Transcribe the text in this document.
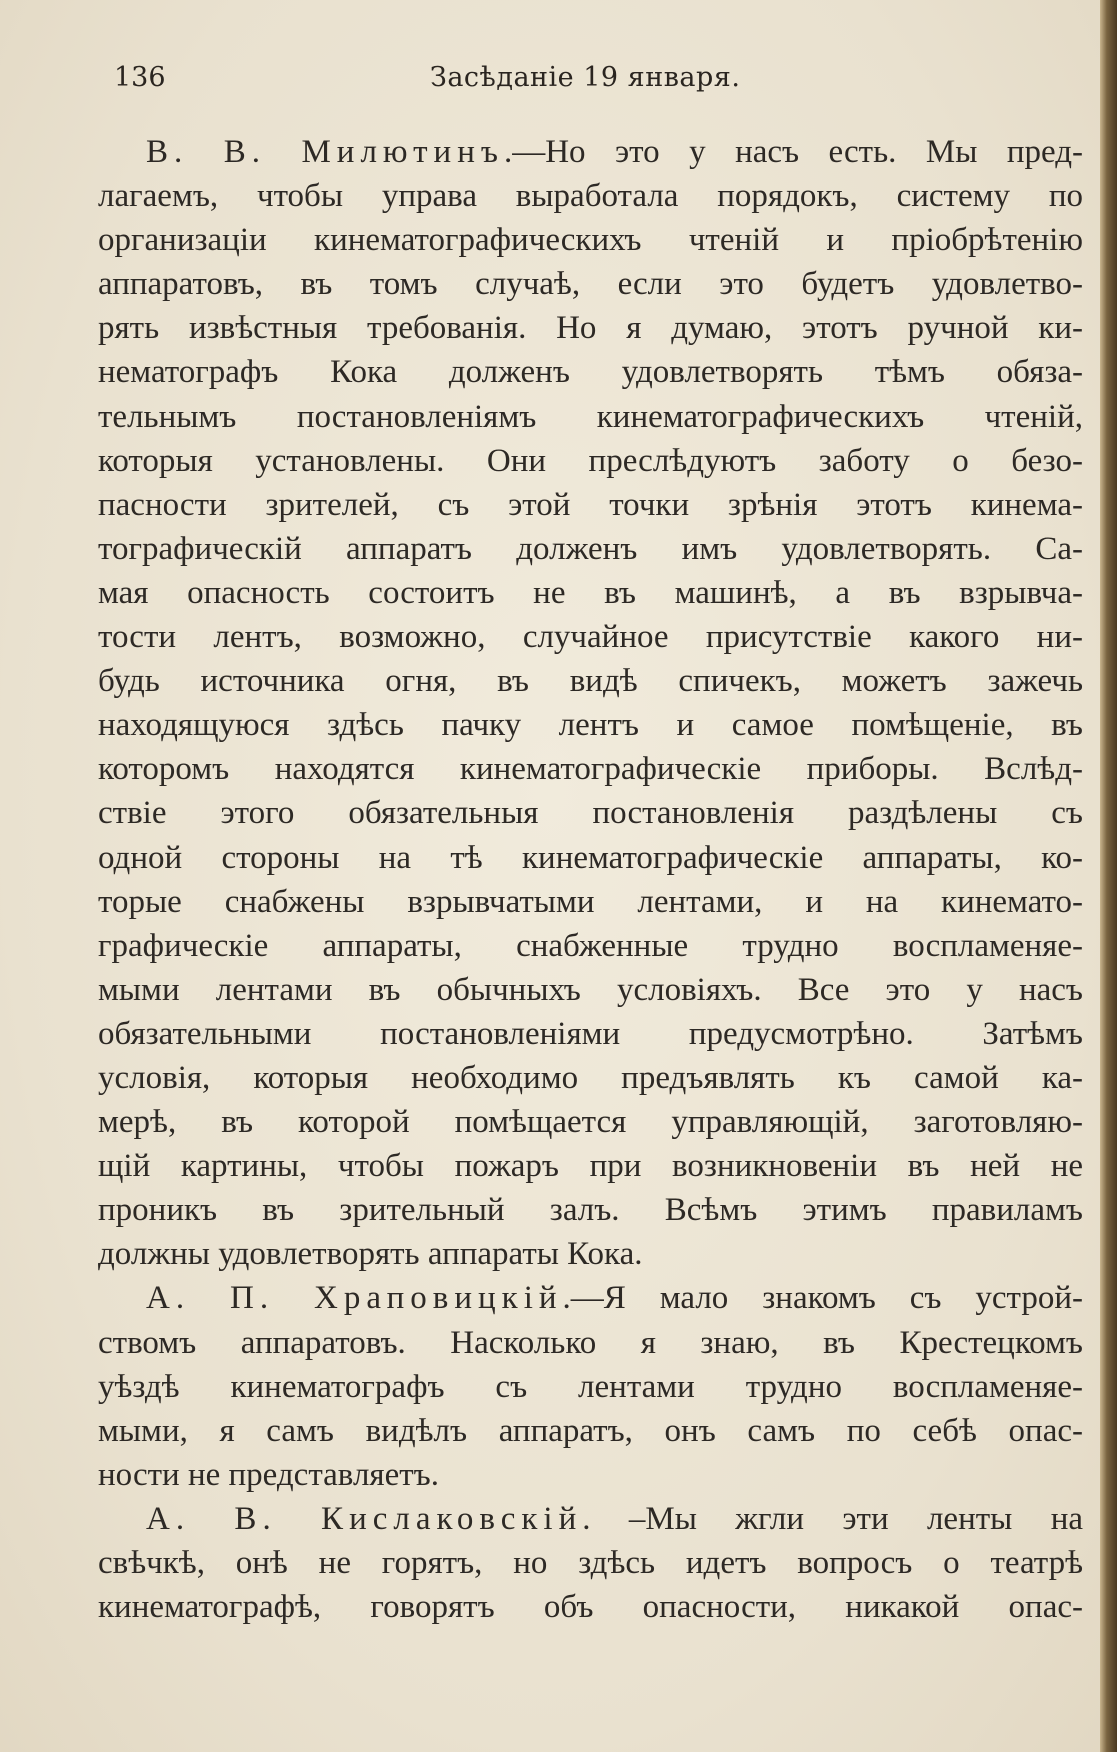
136	Засѣданіе 19 января.
В. В. Милютинъ.—Но это у насъ есть. Мы пред-
лагаемъ, чтобы управа выработала порядокъ, систему по
организаціи кинематографическихъ чтеній и пріобрѣтенію
аппаратовъ, въ томъ случаѣ, если это будетъ удовлетво-
рять извѣстныя требованія. Но я думаю, этотъ ручной ки-
нематографъ Кока долженъ удовлетворять тѣмъ обяза-
тельнымъ постановленіямъ кинематографическихъ чтеній,
которыя установлены. Они преслѣдуютъ заботу о безо-
пасности зрителей, съ этой точки зрѣнія этотъ кинема-
тографическій аппаратъ долженъ имъ удовлетворять. Са-
мая опасность состоитъ не въ машинѣ, а въ взрывча-
тости лентъ, возможно, случайное присутствіе какого ни-
будь источника огня, въ видѣ спичекъ, можетъ зажечь
находящуюся здѣсь пачку лентъ и самое помѣщеніе, въ
которомъ находятся кинематографическіе приборы. Вслѣд-
ствіе этого обязательныя постановленія раздѣлены съ
одной стороны на тѣ кинематографическіе аппараты, ко-
торые снабжены взрывчатыми лентами, и на кинемато-
графическіе аппараты, снабженные трудно воспламеняе-
мыми лентами въ обычныхъ условіяхъ. Все это у насъ
обязательными постановленіями предусмотрѣно. Затѣмъ
условія, которыя необходимо предъявлять къ самой ка-
мерѣ, въ которой помѣщается управляющій, заготовляю-
щій картины, чтобы пожаръ при возникновеніи въ ней не
проникъ въ зрительный залъ. Всѣмъ этимъ правиламъ
должны удовлетворять аппараты Кока.
А. П. Храповицкій.—Я мало знакомъ съ устрой-
ствомъ аппаратовъ. Насколько я знаю, въ Крестецкомъ
уѣздѣ кинематографъ съ лентами трудно воспламеняе-
мыми, я самъ видѣлъ аппаратъ, онъ самъ по себѣ опас-
ности не представляетъ.
А. В. Кислаковскій. –Мы жгли эти ленты на
свѣчкѣ, онѣ не горятъ, но здѣсь идетъ вопросъ о театрѣ
кинематографѣ, говорятъ объ опасности, никакой опас-
